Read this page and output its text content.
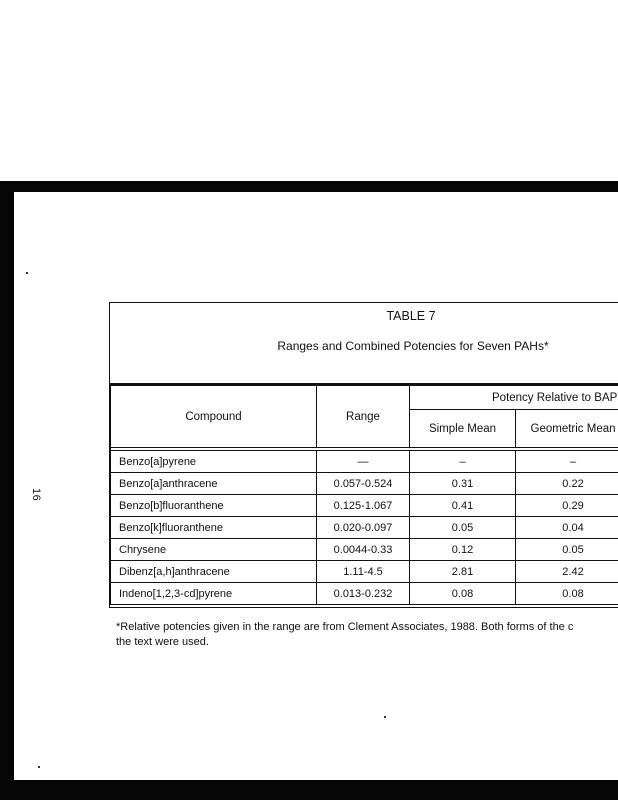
16
TABLE 7
Ranges and Combined Potencies for Seven PAHs*
Compound	Range	Potency Relative to BAP	
		Simple Mean	Geometric Mean

Benzo[a]pyrene	—	–	–
Benzo[a]anthracene	0.057-0.524	0.31	0.22
Benzo[b]fluoranthene	0.125-1.067	0.41	0.29
Benzo[k]fluoranthene	0.020-0.097	0.05	0.04
Chrysene	0.0044-0.33	0.12	0.05
Dibenz[a,h]anthracene	1.11-4.5	2.81	2.42
Indeno[1,2,3-cd]pyrene	0.013-0.232	0.08	0.08
*Relative potencies given in the range are from Clement Associates, 1988. Both forms of the c
the text were used.
